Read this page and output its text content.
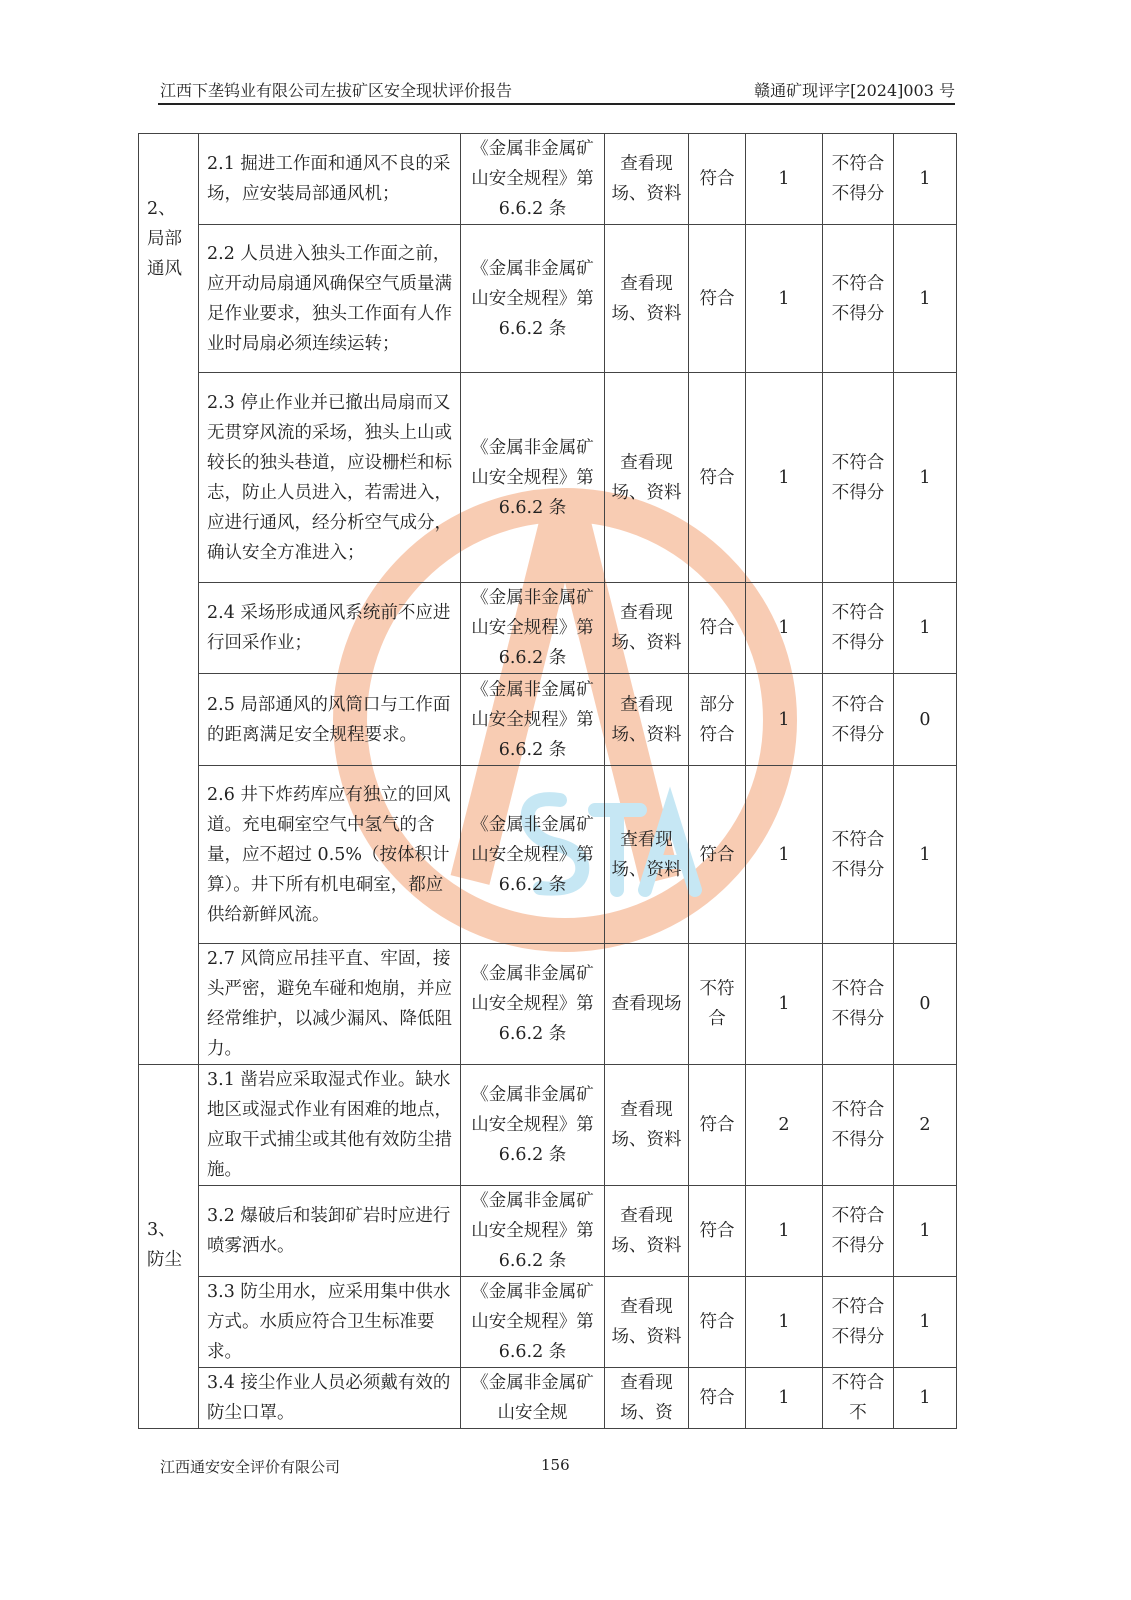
江西下垄钨业有限公司左拔矿区安全现状评价报告	赣通矿现评字[2024]003 号
2、局部通风	2.1 掘进工作面和通风不良的采场，应安装局部通风机；	《金属非金属矿山安全规程》第 6.6.2 条	查看现场、资料	符合	1	不符合不得分	1
	2.2 人员进入独头工作面之前，应开动局扇通风确保空气质量满足作业要求，独头工作面有人作业时局扇必须连续运转；	《金属非金属矿山安全规程》第 6.6.2 条	查看现场、资料	符合	1	不符合不得分	1
	2.3 停止作业并已撤出局扇而又无贯穿风流的采场，独头上山或较长的独头巷道，应设栅栏和标志，防止人员进入，若需进入，应进行通风，经分析空气成分，确认安全方准进入；	《金属非金属矿山安全规程》第 6.6.2 条	查看现场、资料	符合	1	不符合不得分	1
	2.4 采场形成通风系统前不应进行回采作业；	《金属非金属矿山安全规程》第 6.6.2 条	查看现场、资料	符合	1	不符合不得分	1
	2.5 局部通风的风筒口与工作面的距离满足安全规程要求。	《金属非金属矿山安全规程》第 6.6.2 条	查看现场、资料	部分符合	1	不符合不得分	0
	2.6 井下炸药库应有独立的回风道。充电硐室空气中氢气的含量，应不超过 0.5%（按体积计算）。井下所有机电硐室，都应供给新鲜风流。	《金属非金属矿山安全规程》第 6.6.2 条	查看现场、资料	符合	1	不符合不得分	1
	2.7 风筒应吊挂平直、牢固，接头严密，避免车碰和炮崩，并应经常维护，以减少漏风、降低阻力。	《金属非金属矿山安全规程》第 6.6.2 条	查看现场	不符合	1	不符合不得分	0
3、防尘	3.1 凿岩应采取湿式作业。缺水地区或湿式作业有困难的地点，应取干式捕尘或其他有效防尘措施。	《金属非金属矿山安全规程》第 6.6.2 条	查看现场、资料	符合	2	不符合不得分	2
	3.2 爆破后和装卸矿岩时应进行喷雾洒水。	《金属非金属矿山安全规程》第 6.6.2 条	查看现场、资料	符合	1	不符合不得分	1
	3.3 防尘用水，应采用集中供水方式。水质应符合卫生标准要求。	《金属非金属矿山安全规程》第 6.6.2 条	查看现场、资料	符合	1	不符合不得分	1
	3.4 接尘作业人员必须戴有效的防尘口罩。	《金属非金属矿山安全规	查看现场、资	符合	1	不符合不	1
江西通安安全评价有限公司	156
